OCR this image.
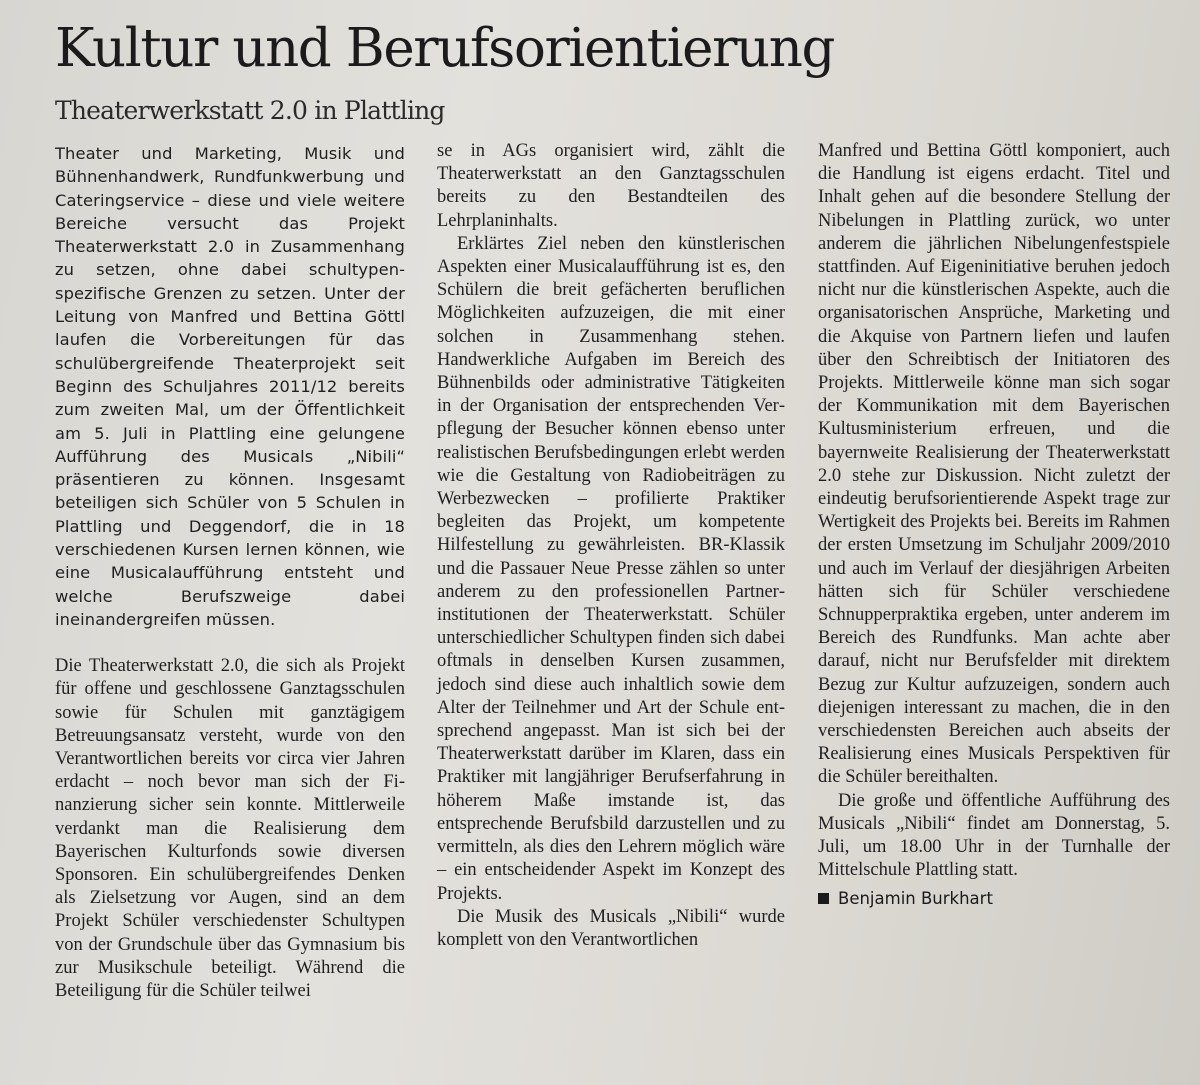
Kultur und Berufsorientierung
Theaterwerkstatt 2.0 in Plattling

Theater und Marketing, Musik und Bühnenhandwerk, Rundfunkwerbung und Cateringservice – diese und viele weitere Bereiche versucht das Projekt Theaterwerkstatt 2.0 in Zusammenhang zu setzen, ohne dabei schultypenspezifische Grenzen zu setzen. Unter der Leitung von Manfred und Bettina Göttl laufen die Vorbereitungen für das schulübergreifende Theaterprojekt seit Beginn des Schuljahres 2011/12 bereits zum zweiten Mal, um der Öffentlichkeit am 5. Juli in Plattling eine gelungene Aufführung des Musicals „Nibili“ präsentieren zu können. Insgesamt beteiligen sich Schüler von 5 Schulen in Plattling und Deggendorf, die in 18 verschiedenen Kursen lernen können, wie eine Musicalaufführung entsteht und welche Berufszweige dabei ineinandergreifen müssen.

Die Theaterwerkstatt 2.0, die sich als Projekt für offene und geschlossene Ganztagsschulen sowie für Schulen mit ganztägigem Betreuungsansatz versteht, wurde von den Verantwortlichen bereits vor circa vier Jahren erdacht – noch bevor man sich der Finanzierung sicher sein konnte. Mittlerweile verdankt man die Realisierung dem Bayerischen Kulturfonds sowie diversen Sponsoren. Ein schulübergreifendes Denken als Zielsetzung vor Augen, sind an dem Projekt Schüler verschiedenster Schultypen von der Grundschule über das Gymnasium bis zur Musikschule beteiligt. Während die Beteiligung für die Schüler teilwei

se in AGs organisiert wird, zählt die Theaterwerkstatt an den Ganztagsschulen bereits zu den Bestandteilen des Lehrplaninhalts.

Erklärtes Ziel neben den künstlerischen Aspekten einer Musicalaufführung ist es, den Schülern die breit gefächerten beruflichen Möglichkeiten aufzuzeigen, die mit einer solchen in Zusammenhang stehen. Handwerkliche Aufgaben im Bereich des Bühnenbilds oder administrative Tätigkeiten in der Organisation der entsprechenden Verpflegung der Besucher können ebenso unter realistischen Berufsbedingungen erlebt werden wie die Gestaltung von Radiobeiträgen zu Werbezwecken – profilierte Praktiker begleiten das Projekt, um kompetente Hilfestellung zu gewährleisten. BR-Klassik und die Passauer Neue Presse zählen so unter anderem zu den professionellen Partnerinstitutionen der Theaterwerkstatt. Schüler unterschiedlicher Schultypen finden sich dabei oftmals in denselben Kursen zusammen, jedoch sind diese auch inhaltlich sowie dem Alter der Teilnehmer und Art der Schule entsprechend angepasst. Man ist sich bei der Theaterwerkstatt darüber im Klaren, dass ein Praktiker mit langjähriger Berufserfahrung in höherem Maße imstande ist, das entsprechende Berufsbild darzustellen und zu vermitteln, als dies den Lehrern möglich wäre – ein entscheidender Aspekt im Konzept des Projekts.

Die Musik des Musicals „Nibili“ wurde komplett von den Verantwortlichen

Manfred und Bettina Göttl komponiert, auch die Handlung ist eigens erdacht. Titel und Inhalt gehen auf die besondere Stellung der Nibelungen in Plattling zurück, wo unter anderem die jährlichen Nibelungenfestspiele stattfinden. Auf Eigeninitiative beruhen jedoch nicht nur die künstlerischen Aspekte, auch die organisatorischen Ansprüche, Marketing und die Akquise von Partnern liefen und laufen über den Schreibtisch der Initiatoren des Projekts. Mittlerweile könne man sich sogar der Kommunikation mit dem Bayerischen Kultusministerium erfreuen, und die bayernweite Realisierung der Theaterwerkstatt 2.0 stehe zur Diskussion. Nicht zuletzt der eindeutig berufsorientierende Aspekt trage zur Wertigkeit des Projekts bei. Bereits im Rahmen der ersten Umsetzung im Schuljahr 2009/2010 und auch im Verlauf der diesjährigen Arbeiten hätten sich für Schüler verschiedene Schnupperpraktika ergeben, unter anderem im Bereich des Rundfunks. Man achte aber darauf, nicht nur Berufsfelder mit direktem Bezug zur Kultur aufzuzeigen, sondern auch diejenigen interessant zu machen, die in den verschiedensten Bereichen auch abseits der Realisierung eines Musicals Perspektiven für die Schüler bereithalten.

Die große und öffentliche Aufführung des Musicals „Nibili“ findet am Donnerstag, 5. Juli, um 18.00 Uhr in der Turnhalle der Mittelschule Plattling statt.

Benjamin Burkhart
